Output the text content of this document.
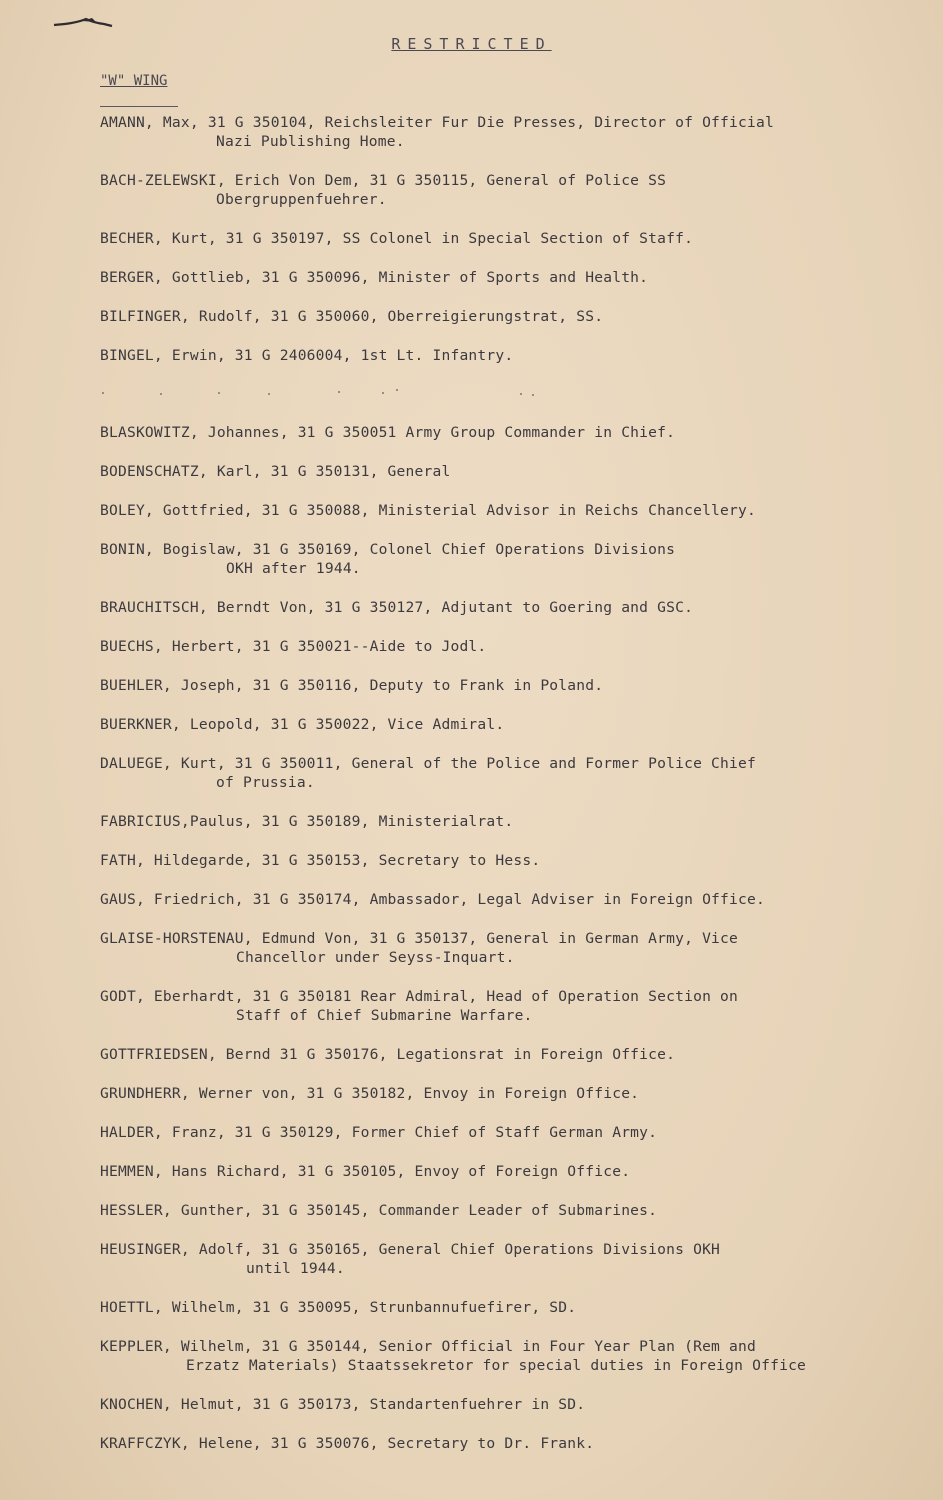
RESTRICTED
"W" WING
AMANN, Max, 31 G 350104, Reichsleiter Fur Die Presses, Director of Official
Nazi Publishing Home.
BACH-ZELEWSKI, Erich Von Dem, 31 G 350115, General of Police SS
Obergruppenfuehrer.
BECHER, Kurt, 31 G 350197, SS Colonel in Special Section of Staff.
BERGER, Gottlieb, 31 G 350096, Minister of Sports and Health.
BILFINGER, Rudolf, 31 G 350060, Oberreigierungstrat, SS.
BINGEL, Erwin, 31 G 2406004, 1st Lt. Infantry.
BLASKOWITZ, Johannes, 31 G 350051 Army Group Commander in Chief.
BODENSCHATZ, Karl, 31 G 350131, General
BOLEY, Gottfried, 31 G 350088, Ministerial Advisor in Reichs Chancellery.
BONIN, Bogislaw, 31 G 350169, Colonel Chief Operations Divisions
OKH after 1944.
BRAUCHITSCH, Berndt Von, 31 G 350127, Adjutant to Goering and GSC.
BUECHS, Herbert, 31 G 350021--Aide to Jodl.
BUEHLER, Joseph, 31 G 350116, Deputy to Frank in Poland.
BUERKNER, Leopold, 31 G 350022, Vice Admiral.
DALUEGE, Kurt, 31 G 350011, General of the Police and Former Police Chief
of Prussia.
FABRICIUS,Paulus, 31 G 350189, Ministerialrat.
FATH, Hildegarde, 31 G 350153, Secretary to Hess.
GAUS, Friedrich, 31 G 350174, Ambassador, Legal Adviser in Foreign Office.
GLAISE-HORSTENAU, Edmund Von, 31 G 350137, General in German Army, Vice
Chancellor under Seyss-Inquart.
GODT, Eberhardt, 31 G 350181 Rear Admiral, Head of Operation Section on
Staff of Chief Submarine Warfare.
GOTTFRIEDSEN, Bernd 31 G 350176, Legationsrat in Foreign Office.
GRUNDHERR, Werner von, 31 G 350182, Envoy in Foreign Office.
HALDER, Franz, 31 G 350129, Former Chief of Staff German Army.
HEMMEN, Hans Richard, 31 G 350105, Envoy of Foreign Office.
HESSLER, Gunther, 31 G 350145, Commander Leader of Submarines.
HEUSINGER, Adolf, 31 G 350165, General Chief Operations Divisions OKH
until 1944.
HOETTL, Wilhelm, 31 G 350095, Strunbannufuefirer, SD.
KEPPLER, Wilhelm, 31 G 350144, Senior Official in Four Year Plan (Rem and
Erzatz Materials) Staatssekretor for special duties in Foreign Office
KNOCHEN, Helmut, 31 G 350173, Standartenfuehrer in SD.
KRAFFCZYK, Helene, 31 G 350076, Secretary to Dr. Frank.
